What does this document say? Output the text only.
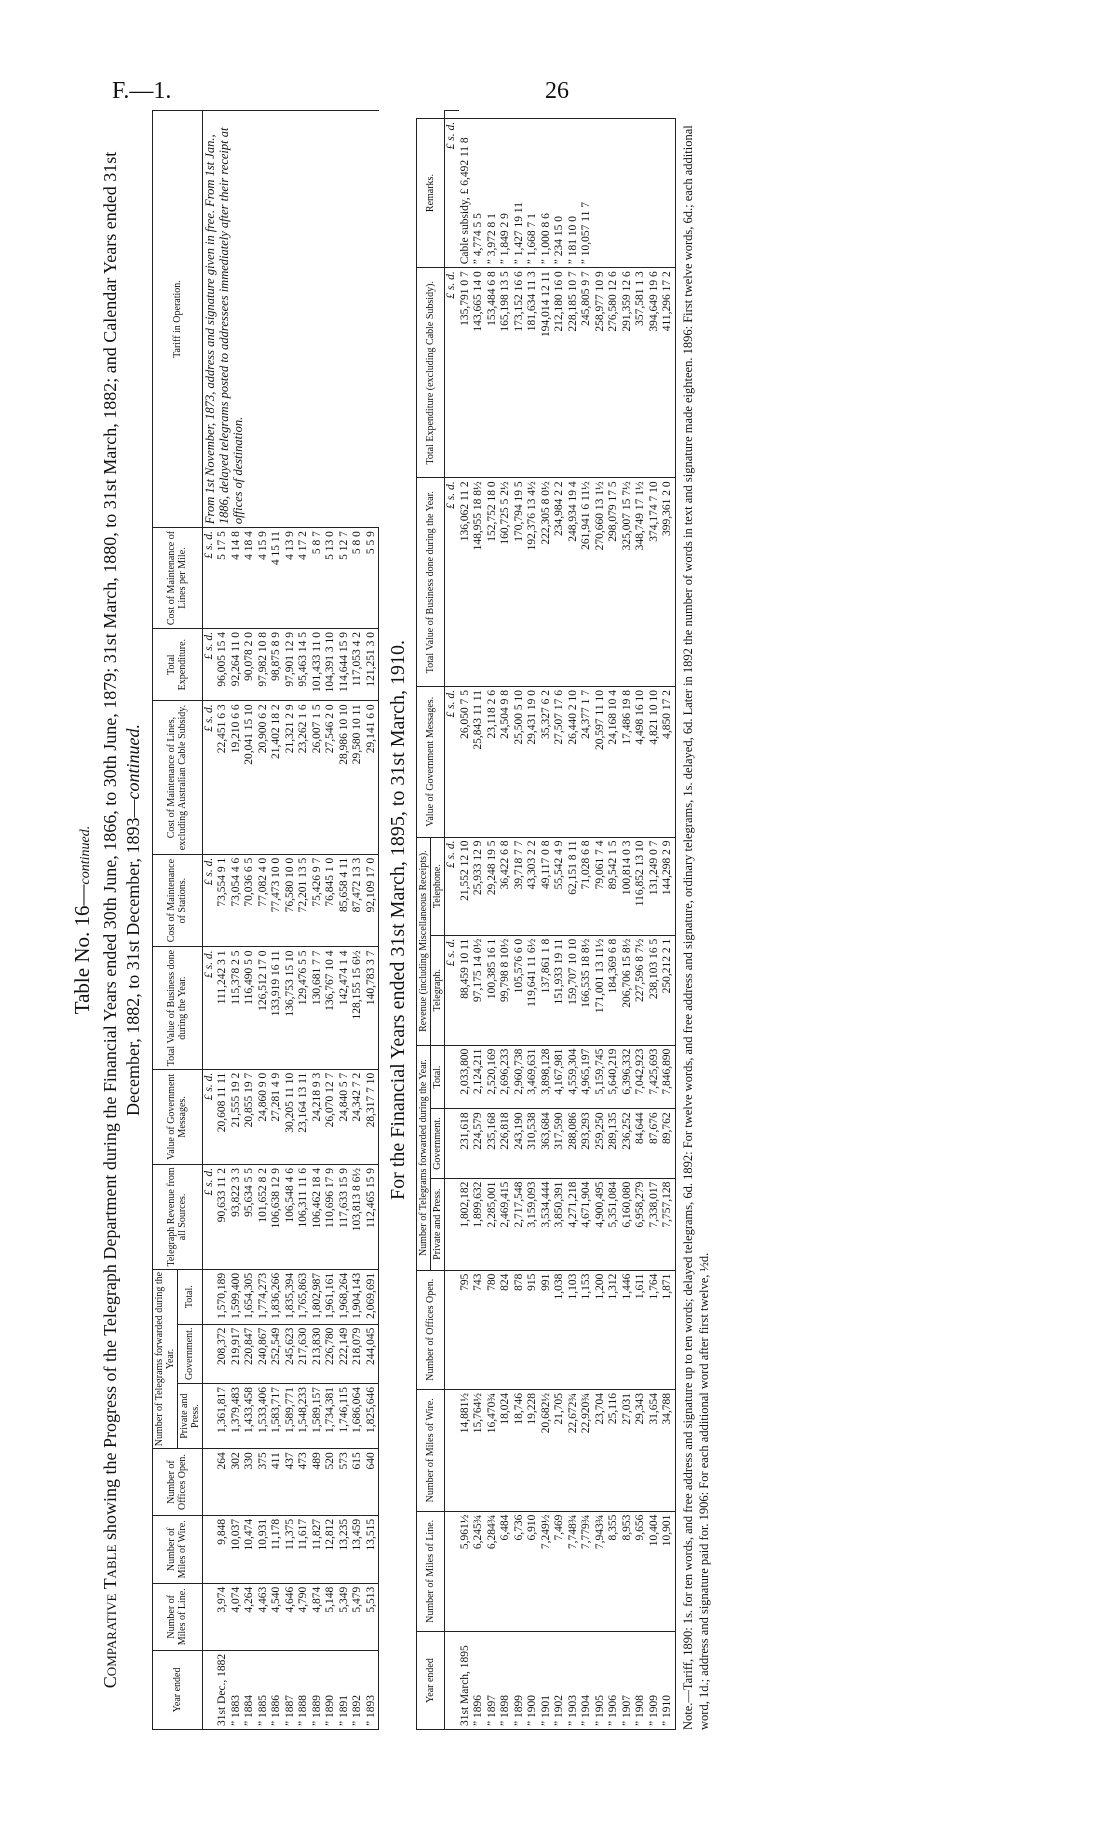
F.—1.	26
Table No. 16—continued.
Comparative Table showing the Progress of the Telegraph Department during the Financial Years ended 30th June, 1866, to 30th June, 1879; 31st March, 1880, to 31st March, 1882; and Calendar Years ended 31st December, 1882, to 31st December, 1893—continued.
Year ended	Number of Miles of Line.	Number of Miles of Wire.	Number of Offices Open.	Number of Telegrams forwarded during the Year.			Telegraph Revenue from all Sources.	Value of Government Messages.	Total Value of Business done during the Year.	Cost of Maintenance of Stations.	Cost of Maintenance of Lines, excluding Australian Cable Subsidy.	Total Expenditure.	Cost of Maintenance of Lines per Mile.	Tariff in Operation.
				Private and Press.	Government.	Total.								
							£ s. d.	£ s. d.	£ s. d.	£ s. d.	£ s. d.	£ s. d.	£ s. d.	From 1st November, 1873, address and signature given in free. From 1st Jan., 1886, delayed telegrams posted to addressees immediately after their receipt at offices of destination.
31st Dec., 1882	3,974	9,848	264	1,361,817	208,372	1,570,189	90,633 11 2	20,608 11 11	111,242 3 1	73,554 9 1	22,451 6 3	96,005 15 4	5 17 5	
” 1883	4,074	10,037	302	1,379,483	219,917	1,599,400	93,822 3 3	21,555 19 2	115,378 2 5	73,054 4 6	19,210 6 6	92,264 11 0	4 14 8	
” 1884	4,264	10,474	330	1,433,458	220,847	1,654,305	95,634 5 5	20,855 19 7	116,490 5 0	70,036 6 5	20,041 15 10	90,078 2 0	4 18 4	
” 1885	4,463	10,931	375	1,533,406	240,867	1,774,273	101,652 8 2	24,860 9 0	126,512 17 0	77,082 4 0	20,900 6 2	97,982 10 8	4 15 9	
” 1886	4,540	11,178	411	1,583,717	252,549	1,836,266	106,638 12 9	27,281 4 9	133,919 16 11	77,473 10 0	21,402 18 2	98,875 8 9	4 15 11	
” 1887	4,646	11,375	437	1,589,771	245,623	1,835,394	106,548 4 6	30,205 11 10	136,753 15 10	76,580 10 0	21,321 2 9	97,901 12 9	4 13 9	
” 1888	4,790	11,617	473	1,548,233	217,630	1,765,863	106,311 11 6	23,164 13 11	129,476 5 5	72,201 13 5	23,262 1 6	95,463 14 5	4 17 2	
” 1889	4,874	11,827	489	1,589,157	213,830	1,802,987	106,462 18 4	24,218 9 3	130,681 7 7	75,426 9 7	26,007 1 5	101,433 11 0	5 8 7	
” 1890	5,148	12,812	520	1,734,381	226,780	1,961,161	110,696 17 9	26,070 12 7	136,767 10 4	76,845 1 0	27,546 2 0	104,391 3 10	5 13 0	
” 1891	5,349	13,235	573	1,746,115	222,149	1,968,264	117,633 15 9	24,840 5 7	142,474 1 4	85,658 4 11	28,986 10 10	114,644 15 9	5 12 7	
” 1892	5,479	13,459	615	1,686,064	218,079	1,904,143	103,813 8 6½	24,342 7 2	128,155 15 6½	87,472 13 3	29,580 10 11	117,053 4 2	5 8 0	
” 1893	5,513	13,515	640	1,825,646	244,045	2,069,691	112,465 15 9	28,317 7 10	140,783 3 7	92,109 17 0	29,141 6 0	121,251 3 0	5 5 9	
For the Financial Years ended 31st March, 1895, to 31st March, 1910.
Year ended	Number of Miles of Line.	Number of Miles of Wire.	Number of Offices Open.	Number of Telegrams forwarded during the Year.			Revenue (including Miscellaneous Receipts).		Value of Government Messages.	Total Value of Business done during the Year.	Total Expenditure (excluding Cable Subsidy).	Remarks.	
				Private and Press.	Government.	Total.	Telegraph.	Telephone.					
							£ s. d.	£ s. d.	£ s. d.	£ s. d.	£ s. d.	£ s. d.	
31st March, 1895	5,961½	14,881½	795	1,802,182	231,618	2,033,800	88,459 10 11	21,552 12 10	26,050 7 5	136,062 11 2	135,791 0 7	Cable subsidy, £ 6,492 11 8	
” 1896	6,245¾	15,764½	743	1,899,632	224,579	2,124,211	97,175 14 0½	25,933 12 9	25,843 11 11	148,955 18 8½	143,665 14 0	” 4,774 5 5	
” 1897	6,284¾	16,470¾	780	2,285,001	235,168	2,520,169	100,385 16 1	29,248 19 5	23,118 2 6	152,752 18 0	153,484 6 8	” 3,972 8 1	
” 1898	6,484	18,024	824	2,469,415	226,818	2,696,233	99,798 8 10½	36,422 6 8	24,504 9 8	160,725 5 2½	165,198 13 5	” 1,849 2 9	
” 1899	6,736	18,746	878	2,717,548	243,190	2,960,738	105,576 6 0	39,718 7 7	25,500 5 10	170,794 19 5	173,152 16 6	” 1,427 19 11	
” 1900	6,910	19,228	915	3,159,093	310,538	3,469,631	119,641 11 6½	43,303 2 2	29,431 19 0	192,376 13 4½	181,634 11 3	” 1,668 7 1	
” 1901	7,249½	20,682½	991	3,534,444	363,684	3,898,128	137,861 1 8	49,117 0 8	35,327 6 2	222,305 8 0½	194,014 12 11	” 1,000 8 6	
” 1902	7,469	21,705	1,038	3,850,391	317,590	4,167,981	151,933 19 11	55,542 4 9	27,507 17 6	234,984 2 2	212,180 16 0	” 234 15 0	
” 1903	7,748¾	22,672¾	1,103	4,271,218	288,086	4,559,304	159,707 10 10	62,151 8 11	26,440 2 10	248,934 19 4	228,185 10 7	” 181 10 0	
” 1904	7,779¾	22,920¾	1,153	4,671,904	293,293	4,965,197	166,535 18 8½	71,028 6 8	24,377 1 7	261,941 6 11½	245,805 9 7	” 10,057 11 7	
” 1905	7,943¾	23,704	1,200	4,900,495	259,250	5,159,745	171,001 13 11½	79,061 7 4	20,597 11 10	270,660 13 1½	258,977 10 9		
” 1906	8,355	25,116	1,312	5,351,084	289,135	5,640,219	184,369 6 8	89,542 1 5	24,168 10 4	298,079 17 5	276,580 12 6		
” 1907	8,953	27,031	1,446	6,160,080	236,252	6,396,332	206,706 15 8½	100,814 0 3	17,486 19 8	325,007 15 7½	291,359 12 6		
” 1908	9,656	29,343	1,611	6,958,279	84,644	7,042,923	227,596 8 7½	116,852 13 10	4,498 16 10	348,749 17 1½	357,581 1 3		
” 1909	10,404	31,654	1,764	7,338,017	87,676	7,425,693	238,103 16 5	131,249 0 7	4,821 10 10	374,174 7 10	394,649 19 6		
” 1910	10,901	34,788	1,871	7,757,128	89,762	7,846,890	250,212 2 1	144,298 2 9	4,850 17 2	399,361 2 0	411,296 17 2		Note.—Tariff, 1890: 1s. for ten words, and free address and signature up to ten words; delayed telegrams, 6d. 1892: For twelve words, and free address and signature, ordinary telegrams, 1s. delayed, 6d. Later in 1892 the number of words in text and signature made eighteen. 1896: First twelve words, 6d.; each additional word, 1d.; address and signature paid for. 1906: For each additional word after first twelve, ½d.
